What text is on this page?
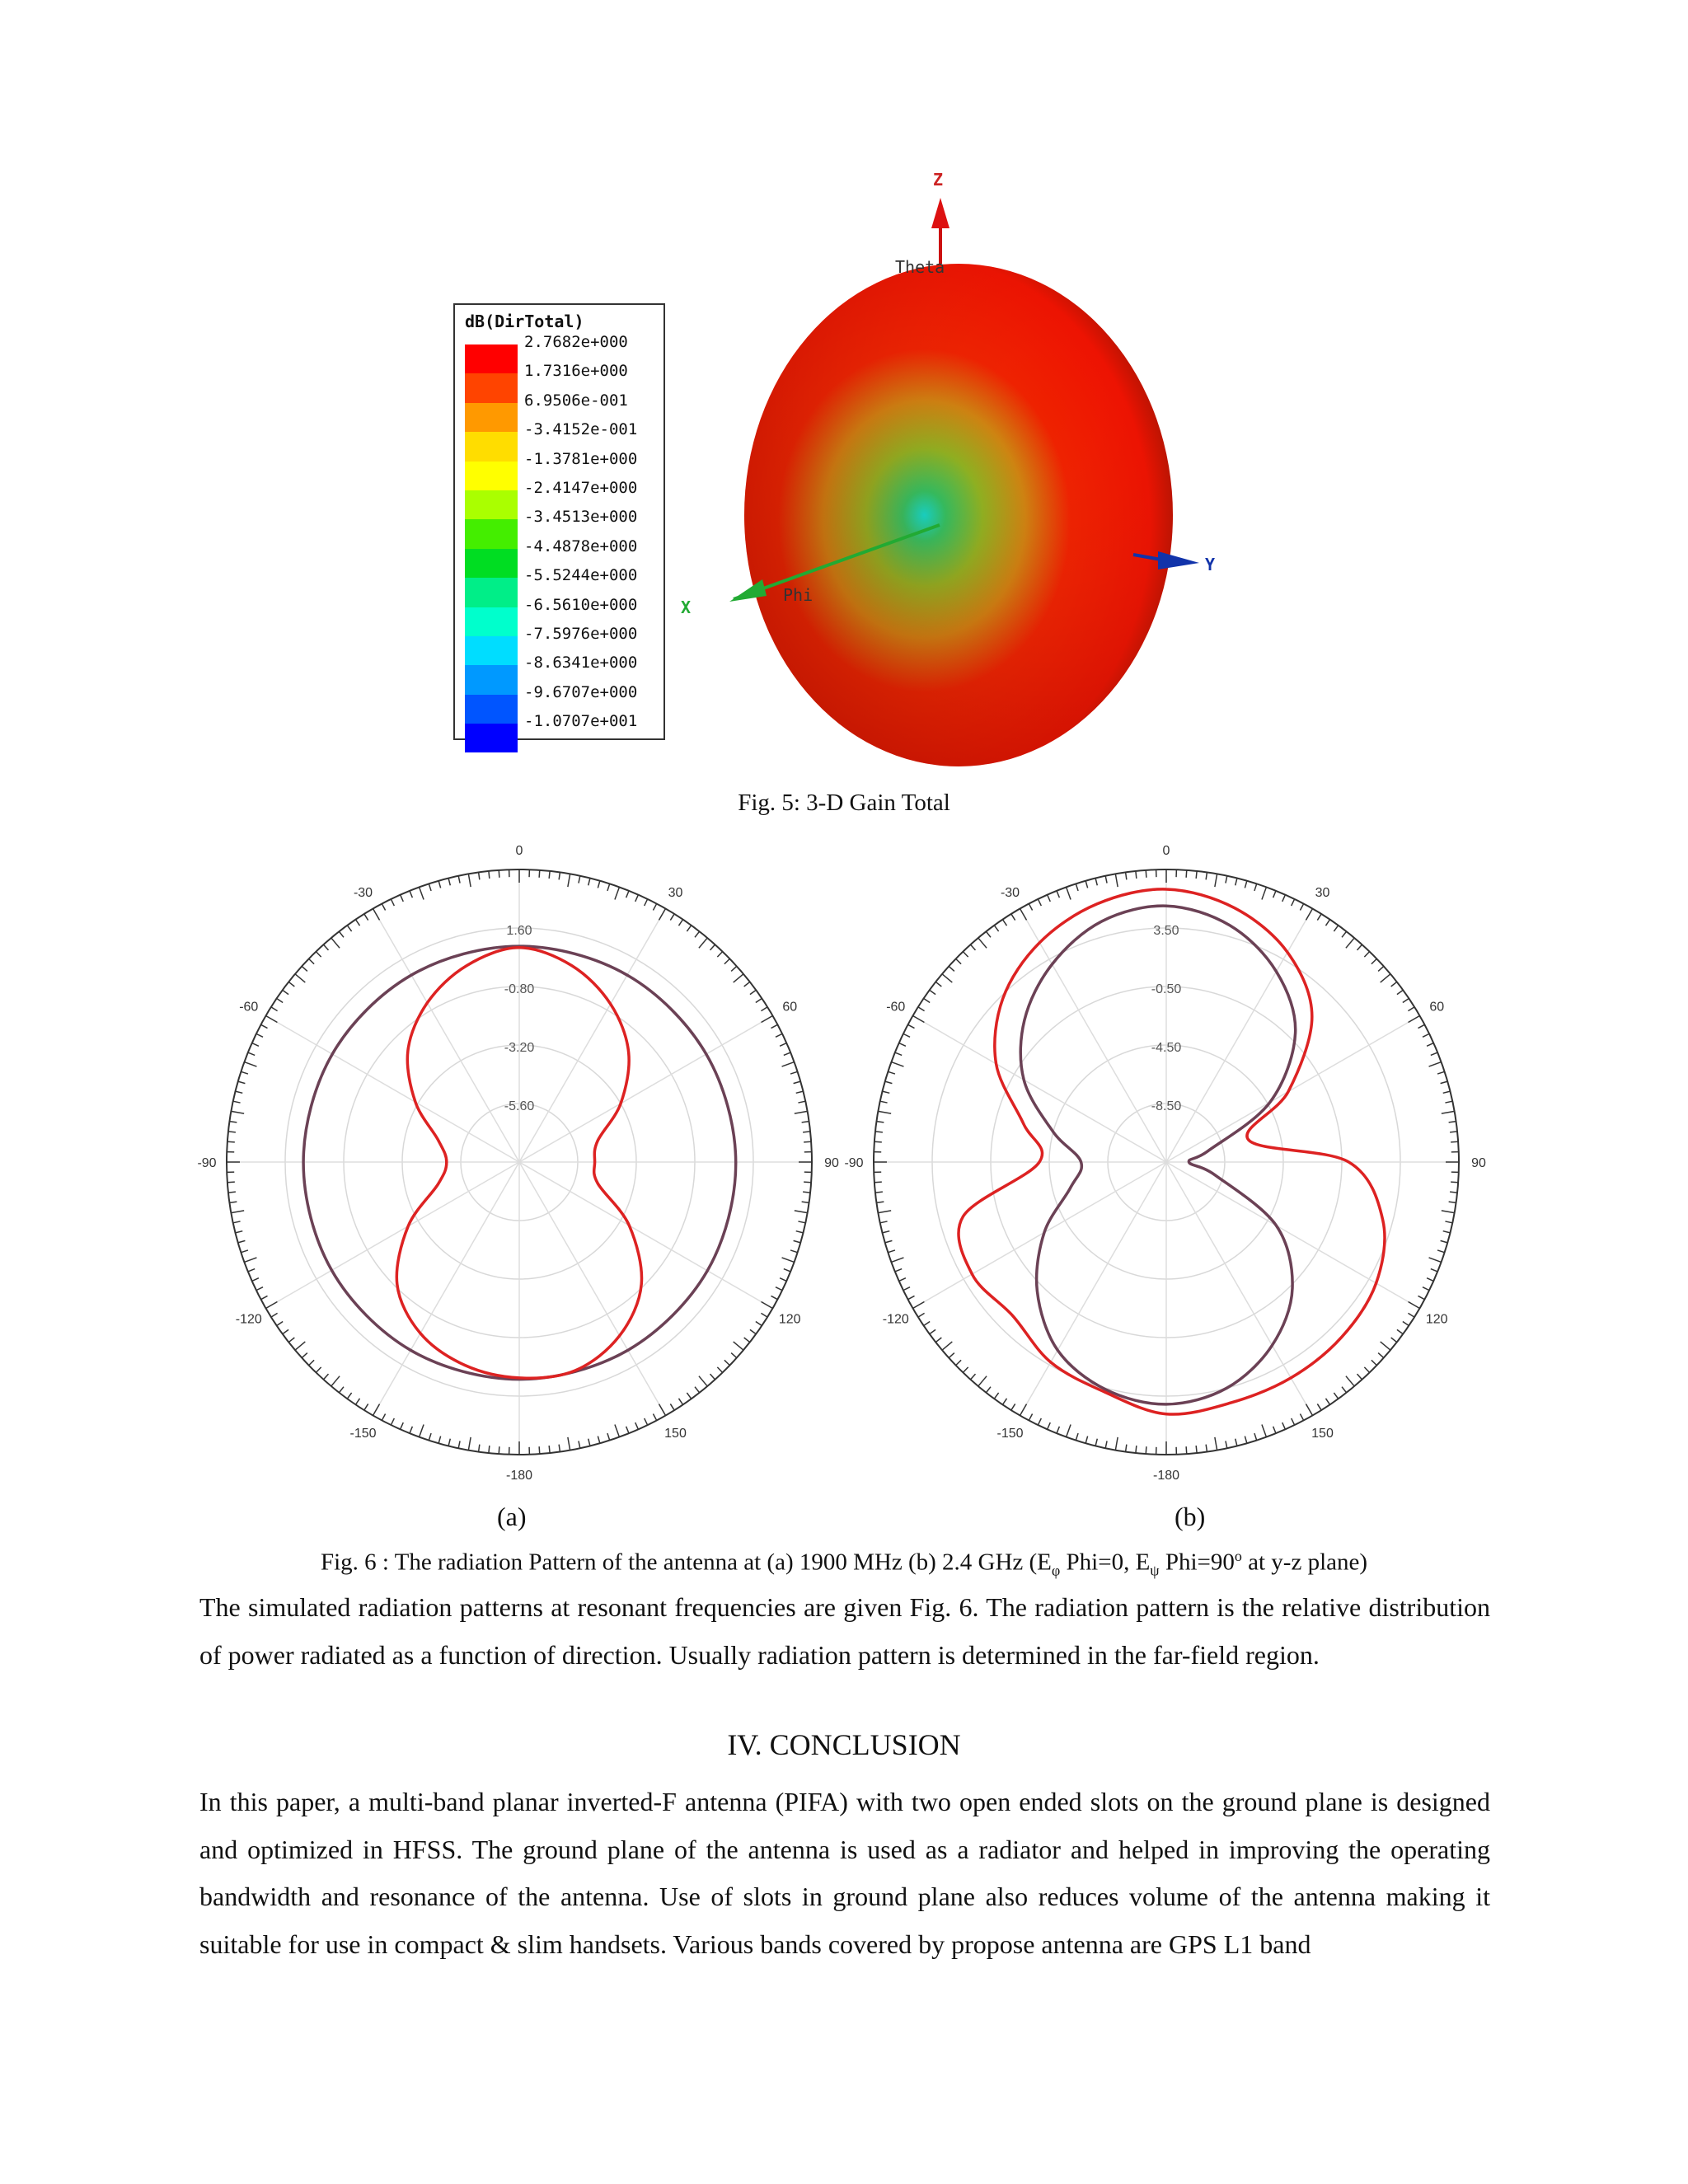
Z
Theta
Y
X
Phi
dB(DirTotal)
2.7682e+000
1.7316e+000
6.9506e-001
-3.4152e-001
-1.3781e+000
-2.4147e+000
-3.4513e+000
-4.4878e+000
-5.5244e+000
-6.5610e+000
-7.5976e+000
-8.6341e+000
-9.6707e+000
-1.0707e+001
Fig. 5: 3-D Gain Total
0
30
60
90
120
150
-180
-150
-120
-90
-60
-30
1.60
-0.80
-3.20
-5.60
0
30
60
90
120
150
-180
-150
-120
-90
-60
-30
3.50
-0.50
-4.50
-8.50
(a)	(b)
Fig. 6 : The radiation Pattern of the antenna at (a) 1900 MHz (b) 2.4 GHz ($E_\varphi$ Phi=0, $E_\psi$ $Phi=90^o$ at y-z plane)
The simulated radiation patterns at resonant frequencies are given Fig. 6. The radiation pattern is the relative distribution of power radiated as a function of direction. Usually radiation pattern is determined in the far-field region.
IV. CONCLUSION
In this paper, a multi-band planar inverted-F antenna (PIFA) with two open ended slots on the ground plane is designed and optimized in HFSS. The ground plane of the antenna is used as a radiator and helped in improving the operating bandwidth and resonance of the antenna. Use of slots in ground plane also reduces volume of the antenna making it suitable for use in compact & slim handsets. Various bands covered by propose antenna are GPS L1 band
